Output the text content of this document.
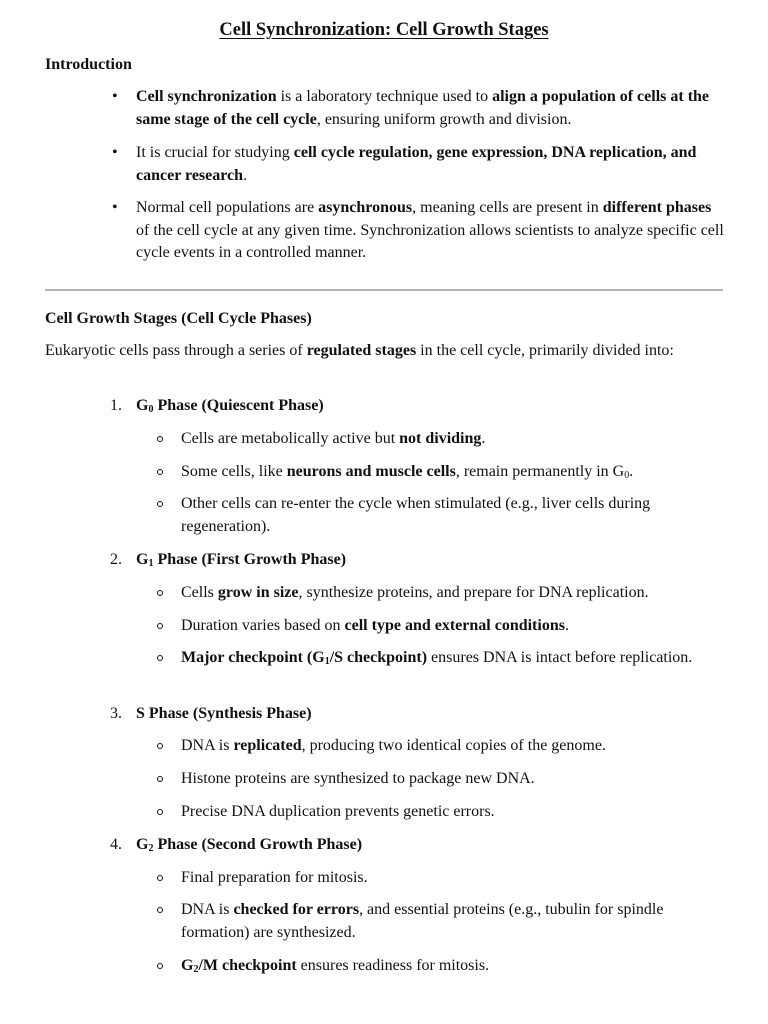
Cell Synchronization: Cell Growth Stages
Introduction
• Cell synchronization is a laboratory technique used to align a population of cells at the same stage of the cell cycle, ensuring uniform growth and division.
• It is crucial for studying cell cycle regulation, gene expression, DNA replication, and cancer research.
• Normal cell populations are asynchronous, meaning cells are present in different phases of the cell cycle at any given time. Synchronization allows scientists to analyze specific cell cycle events in a controlled manner.
Cell Growth Stages (Cell Cycle Phases)
Eukaryotic cells pass through a series of regulated stages in the cell cycle, primarily divided into:
1. $G_0$ Phase (Quiescent Phase)
Cells are metabolically active but not dividing.
Some cells, like neurons and muscle cells, remain permanently in $G_0$.
Other cells can re-enter the cycle when stimulated (e.g., liver cells during regeneration).
2. $G_1$ Phase (First Growth Phase)
Cells grow in size, synthesize proteins, and prepare for DNA replication.
Duration varies based on cell type and external conditions.
Major checkpoint ($G_1/S$ checkpoint) ensures DNA is intact before replication.
3. S Phase (Synthesis Phase)
DNA is replicated, producing two identical copies of the genome.
Histone proteins are synthesized to package new DNA.
Precise DNA duplication prevents genetic errors.
4. $G_2$ Phase (Second Growth Phase)
Final preparation for mitosis.
DNA is checked for errors, and essential proteins (e.g., tubulin for spindle formation) are synthesized.
$G_2/M$ checkpoint ensures readiness for mitosis.
